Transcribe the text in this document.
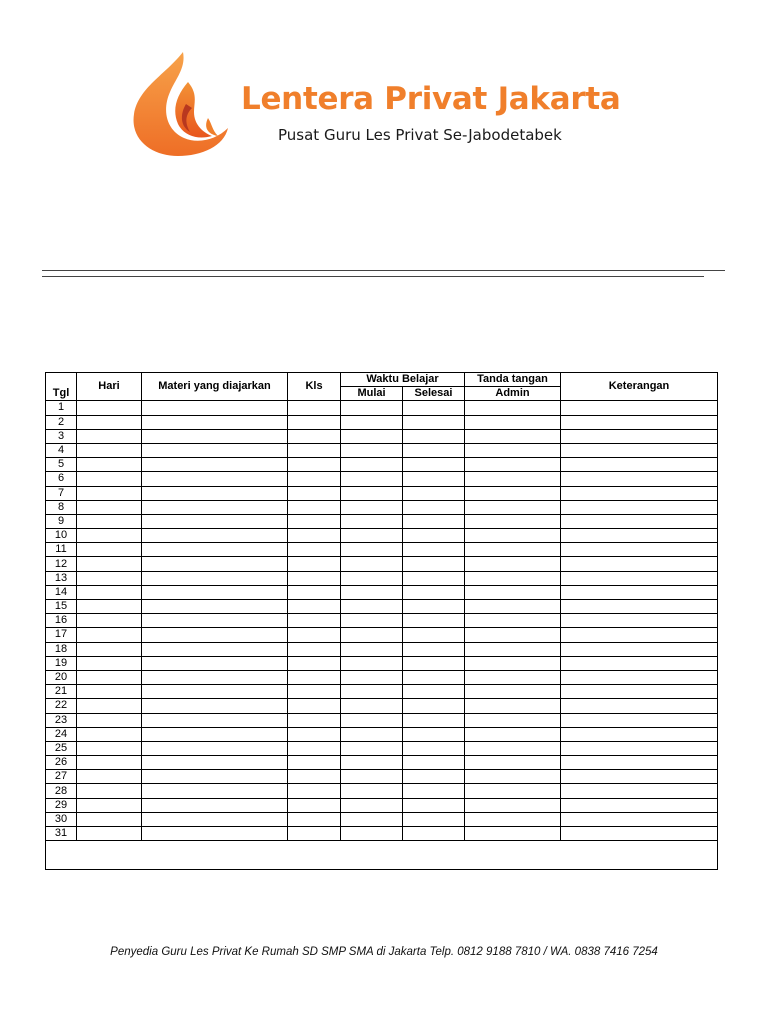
Lentera Privat Jakarta
Pusat Guru Les Privat Se-Jabodetabek
Tgl	Hari	Materi yang diajarkan	Kls	Waktu Belajar		Tanda tangan	Keterangan
				Mulai	Selesai	Admin	
1							
2							
3							
4							
5							
6							
7							
8							
9							
10							
11							
12							
13							
14							
15							
16							
17							
18							
19							
20							
21							
22							
23							
24							
25							
26							
27							
28							
29							
30							
31							

Penyedia Guru Les Privat Ke Rumah SD SMP SMA di Jakarta Telp. 0812 9188 7810 / WA. 0838 7416 7254
